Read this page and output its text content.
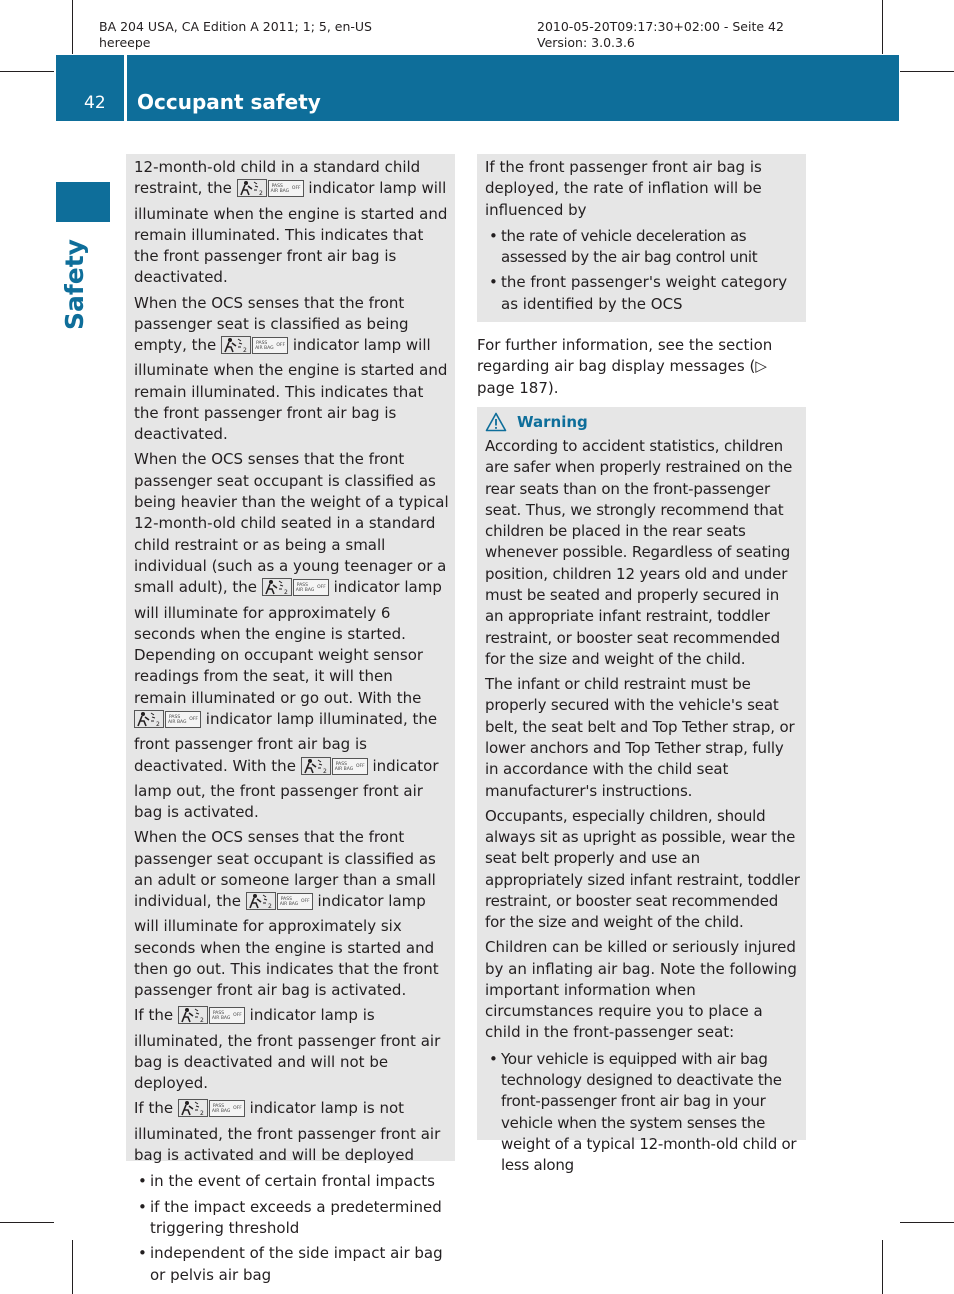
BA 204 USA, CA Edition A 2011; 1; 5, en-US
hereepe
2010-05-20T09:17:30+02:00 - Seite 42
Version: 3.0.3.6
42 Occupant safety
Safety
12-month-old child in a standard child restraint, the	2
PASS
AIR BAG
OFF indicator lamp will illuminate when the engine is started and remain illuminated. This indicates that the front passenger front air bag is deactivated.
When the OCS senses that the front passenger seat is classified as being empty, the	2
PASS
AIR BAG
OFF indicator lamp will illuminate when the engine is started and remain illuminated. This indicates that the front passenger front air bag is deactivated.
When the OCS senses that the front passenger seat occupant is classified as being heavier than the weight of a typical 12-month-old child seated in a standard child restraint or as being a small individual (such as a young teenager or a small adult), the	2
PASS
AIR BAG
OFF indicator lamp will illuminate for approximately 6 seconds when the engine is started. Depending on occupant weight sensor readings from the seat, it will then remain illuminated or go out. With the
2
PASS
AIR BAG
OFF indicator lamp illuminated, the front passenger front air bag is deactivated. With the	2
PASS
AIR BAG
OFF indicator lamp out, the front passenger front air bag is activated.
When the OCS senses that the front passenger seat occupant is classified as an adult or someone larger than a small individual, the	2
PASS
AIR BAG
OFF indicator lamp will illuminate for approximately six seconds when the engine is started and then go out. This indicates that the front passenger front air bag is activated.
If the	2
PASS
AIR BAG
OFF indicator lamp is illuminated, the front passenger front air bag is deactivated and will not be deployed.
If the	2
PASS
AIR BAG
OFF indicator lamp is not illuminated, the front passenger front air bag is activated and will be deployed
• in the event of certain frontal impacts
• if the impact exceeds a predetermined triggering threshold
• independent of the side impact air bag or pelvis air bag
If the front passenger front air bag is deployed, the rate of inflation will be influenced by
• the rate of vehicle deceleration as assessed by the air bag control unit
• the front passenger's weight category as identified by the OCS
For further information, see the section regarding air bag display messages (▷ page 187).
Warning
According to accident statistics, children are safer when properly restrained on the rear seats than on the front-passenger seat. Thus, we strongly recommend that children be placed in the rear seats whenever possible. Regardless of seating position, children 12 years old and under must be seated and properly secured in an appropriate infant restraint, toddler restraint, or booster seat recommended for the size and weight of the child.
The infant or child restraint must be properly secured with the vehicle's seat belt, the seat belt and Top Tether strap, or lower anchors and Top Tether strap, fully in accordance with the child seat manufacturer's instructions.
Occupants, especially children, should always sit as upright as possible, wear the seat belt properly and use an appropriately sized infant restraint, toddler restraint, or booster seat recommended for the size and weight of the child.
Children can be killed or seriously injured by an inflating air bag. Note the following important information when circumstances require you to place a child in the front-passenger seat:
• Your vehicle is equipped with air bag technology designed to deactivate the front-passenger front air bag in your vehicle when the system senses the weight of a typical 12-month-old child or less along
